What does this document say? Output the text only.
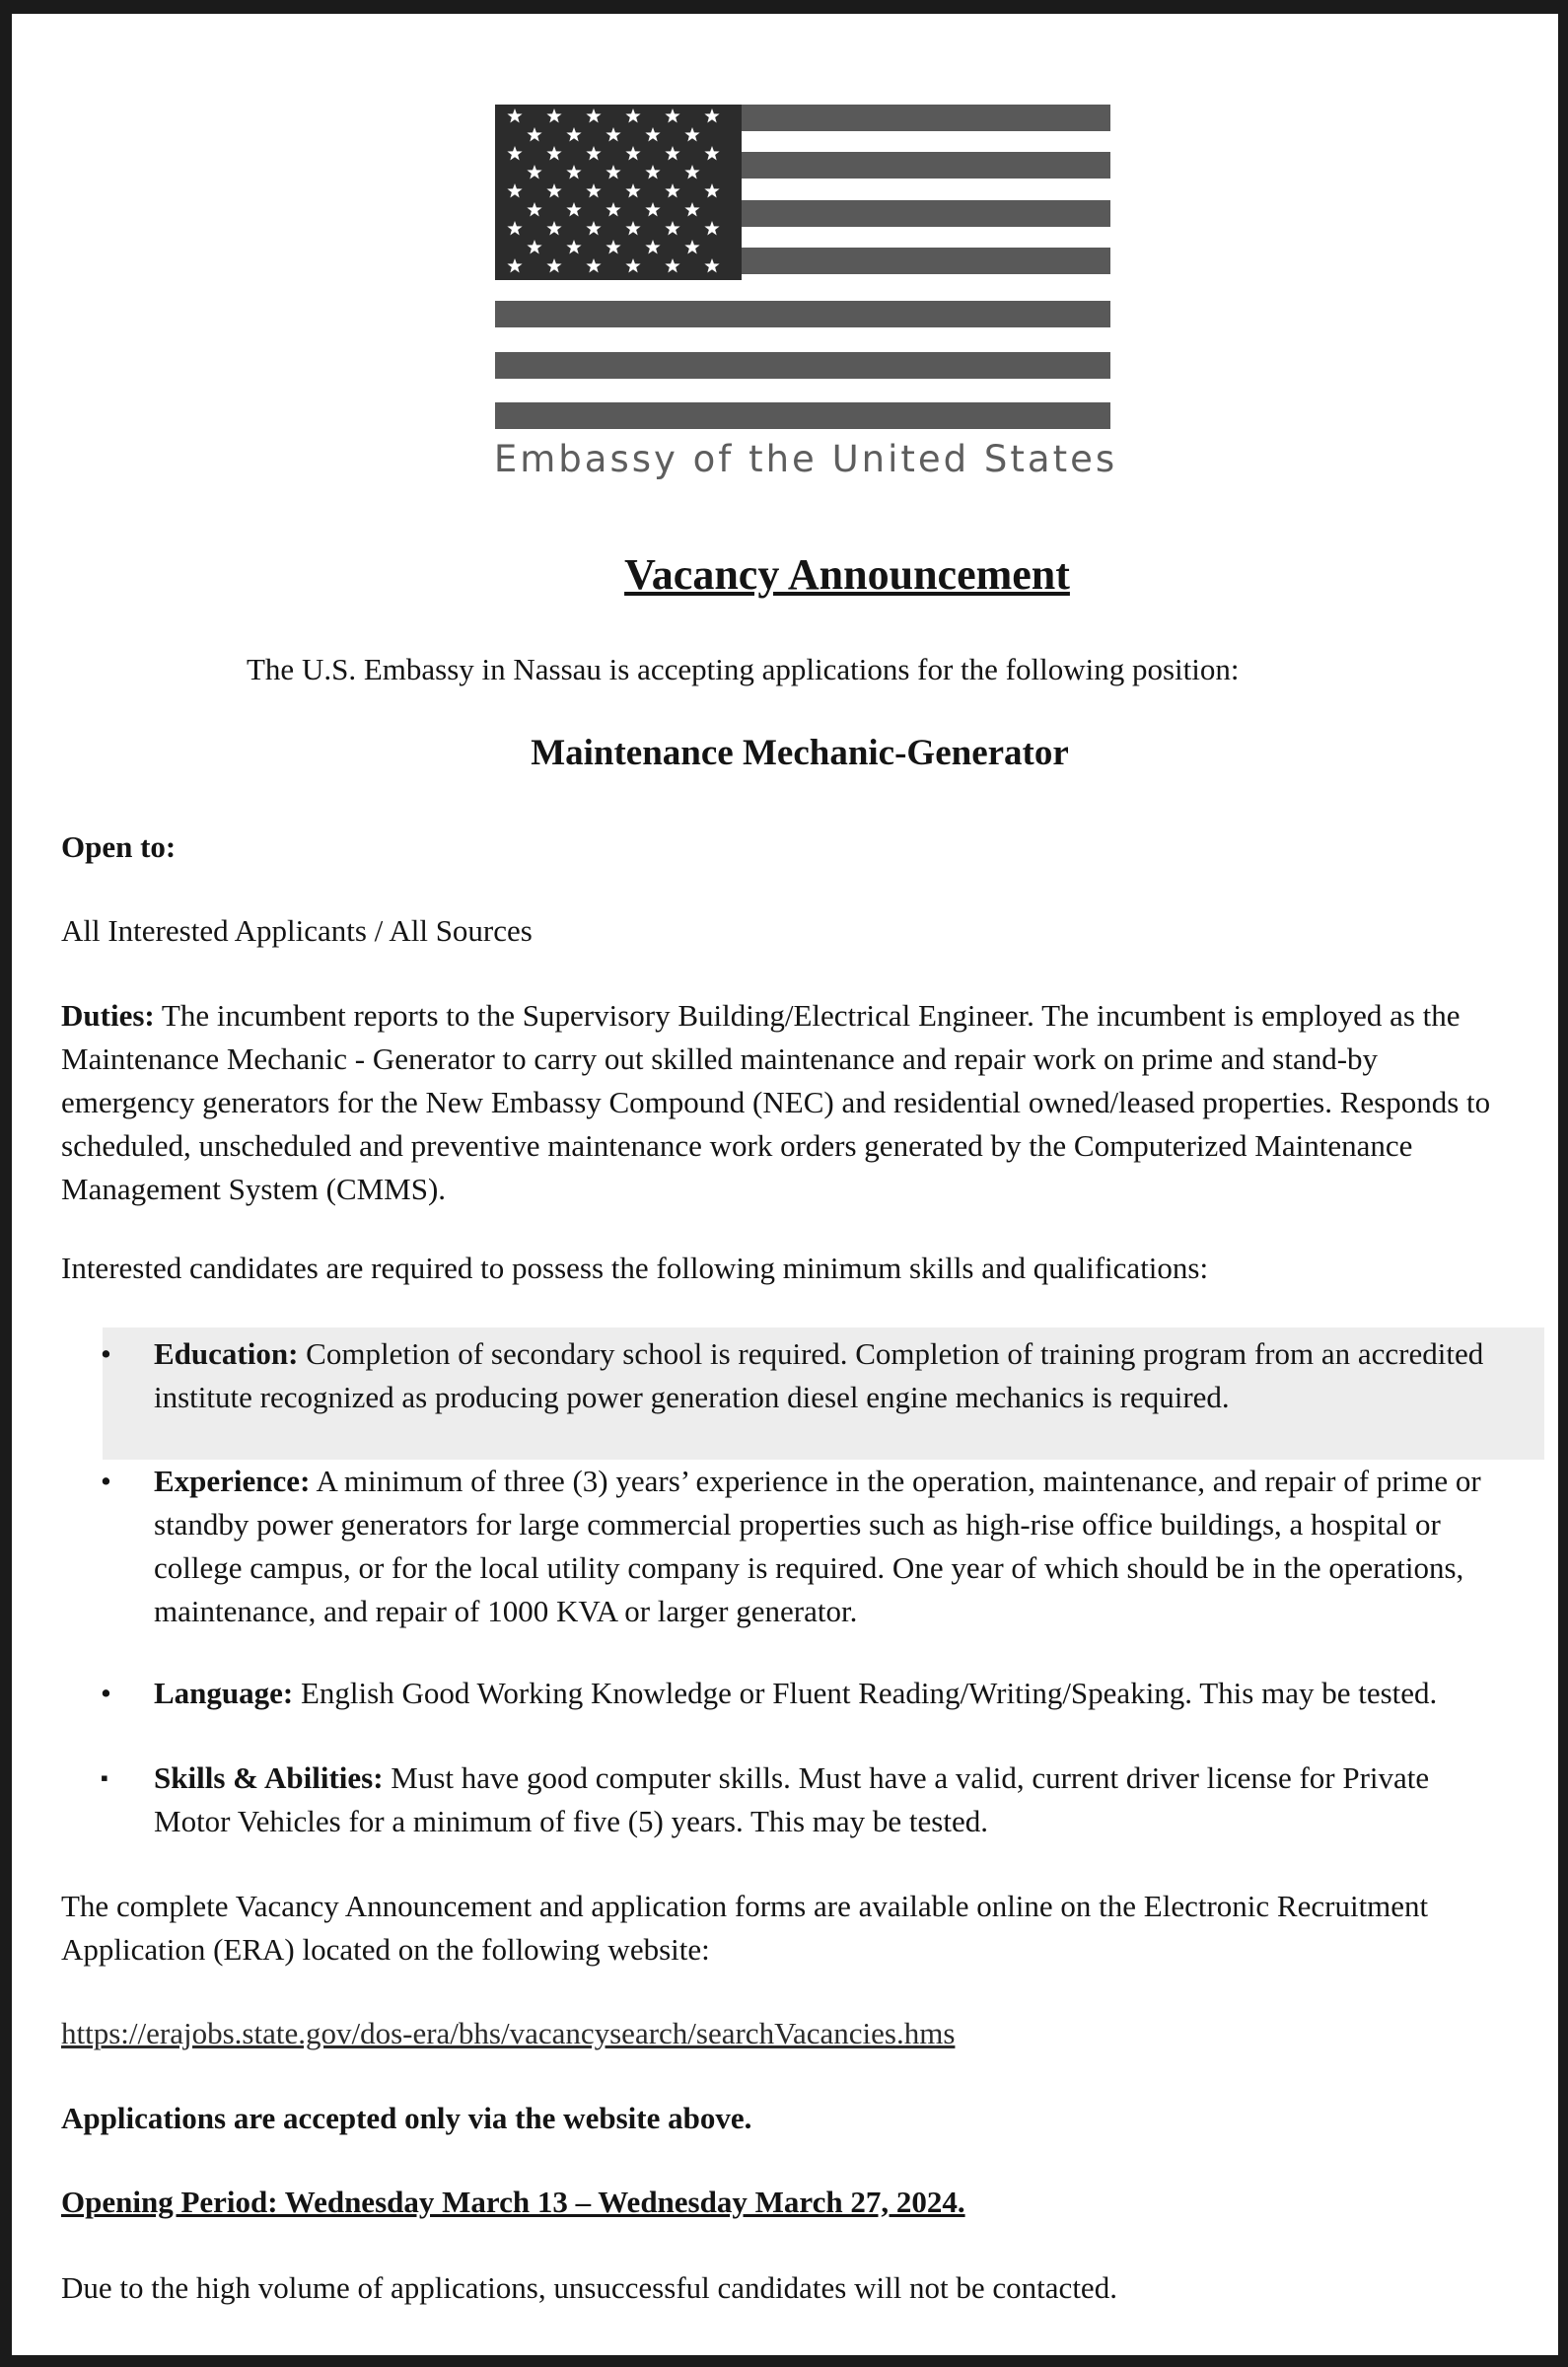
Embassy of the United States
Vacancy Announcement
The U.S. Embassy in Nassau is accepting applications for the following position:
Maintenance Mechanic-Generator
Open to:
All Interested Applicants / All Sources
Duties: The incumbent reports to the Supervisory Building/Electrical Engineer. The incumbent is employed as the
Maintenance Mechanic - Generator to carry out skilled maintenance and repair work on prime and stand-by
emergency generators for the New Embassy Compound (NEC) and residential owned/leased properties. Responds to
scheduled, unscheduled and preventive maintenance work orders generated by the Computerized Maintenance
Management System (CMMS).
Interested candidates are required to possess the following minimum skills and qualifications:
• Education: Completion of secondary school is required. Completion of training program from an accredited
institute recognized as producing power generation diesel engine mechanics is required.
• Experience: A minimum of three (3) years’ experience in the operation, maintenance, and repair of prime or
standby power generators for large commercial properties such as high-rise office buildings, a hospital or
college campus, or for the local utility company is required. One year of which should be in the operations,
maintenance, and repair of 1000 KVA or larger generator.
• Language: English Good Working Knowledge or Fluent Reading/Writing/Speaking. This may be tested.
▪ Skills & Abilities: Must have good computer skills. Must have a valid, current driver license for Private
Motor Vehicles for a minimum of five (5) years. This may be tested.
The complete Vacancy Announcement and application forms are available online on the Electronic Recruitment
Application (ERA) located on the following website:
https://erajobs.state.gov/dos-era/bhs/vacancysearch/searchVacancies.hms
Applications are accepted only via the website above.
Opening Period: Wednesday March 13 – Wednesday March 27, 2024.
Due to the high volume of applications, unsuccessful candidates will not be contacted.
